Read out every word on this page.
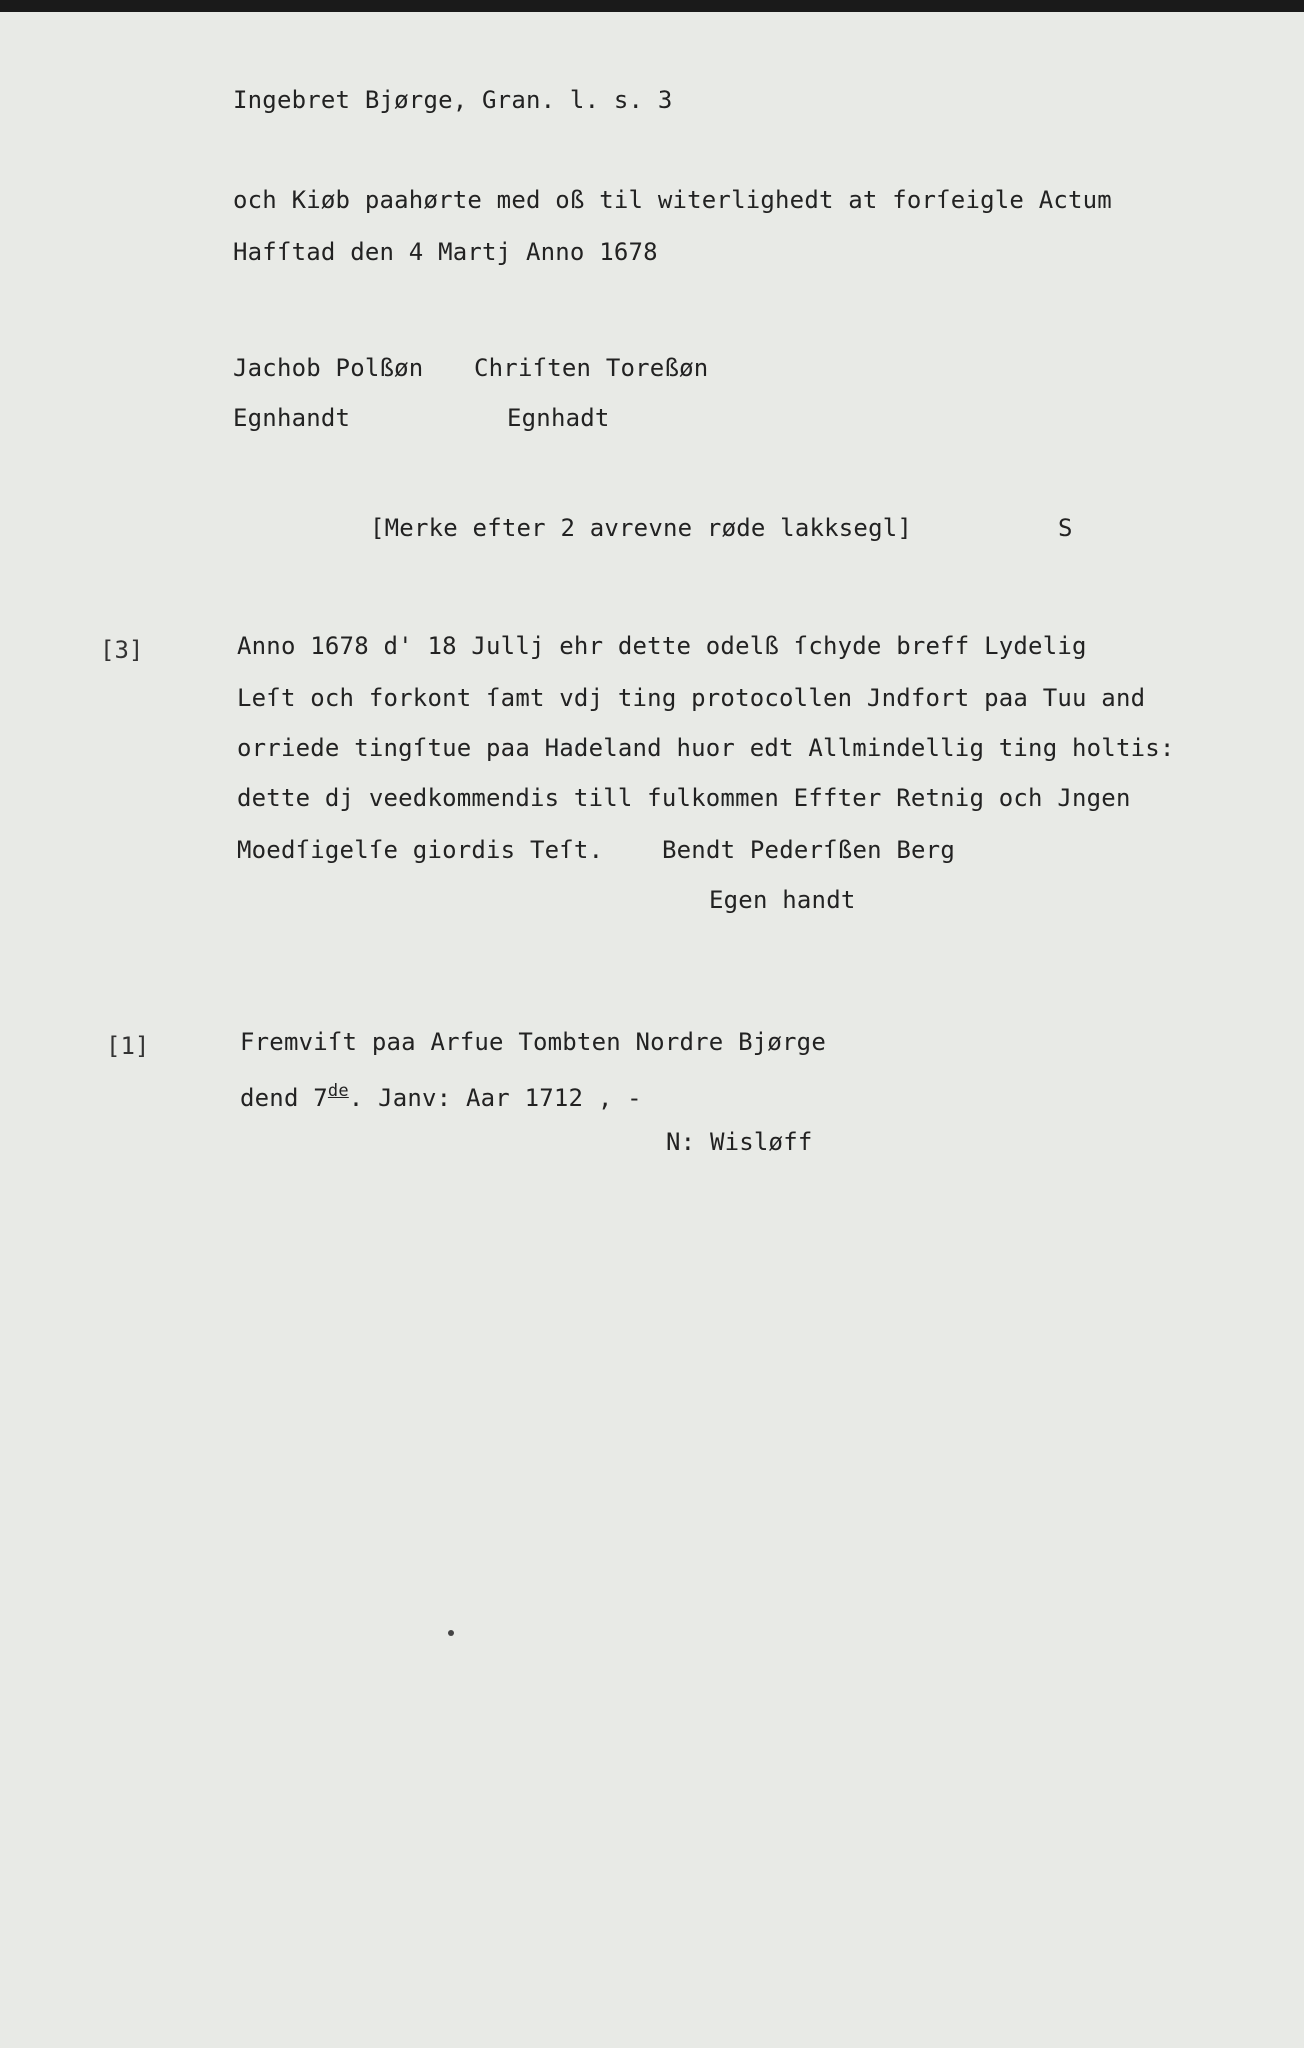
Ingebret Bjørge, Gran. l. s. 3

och Kiøb paahørte med oß til witerlighedt at forſeigle Actum

Hafſtad den 4 Martj Anno 1678

Jachob Polßøn Chriſten Toreßøn

Egnhandt	Egnhadt

[Merke efter 2 avrevne røde lakksegl]	S

[3]	Anno 1678 d' 18 Jullj ehr dette odelß ſchyde breff Lydelig

Leſt och forkont ſamt vdj ting protocollen Jndfort paa Tuu and

orriede tingſtue paa Hadeland huor edt Allmindellig ting holtis:

dette dj veedkommendis till fulkommen Effter Retnig och Jngen

Moedſigelſe giordis Teſt. Bendt Pederſßen Berg

Egen handt

[1]	Fremviſt paa Arfue Tombten Nordre Bjørge

dend 7de. Janv: Aar 1712 , -

N: Wisløff
